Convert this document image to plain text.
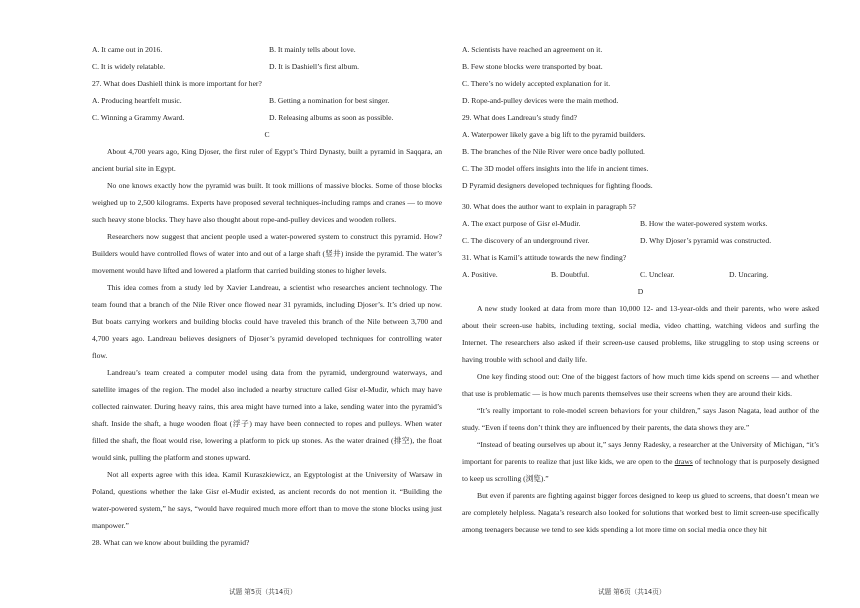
A. It came out in 2016.	B. It mainly tells about love.
C. It is widely relatable.	D. It is Dashiell’s first album.

27. What does Dashiell think is more important for her?

A. Producing heartfelt music.	B. Getting a nomination for best singer.
C. Winning a Grammy Award.	D. Releasing albums as soon as possible.

C

About 4,700 years ago, King Djoser, the first ruler of Egypt’s Third Dynasty, built a pyramid in Saqqara, an ancient burial site in Egypt.

No one knows exactly how the pyramid was built. It took millions of massive blocks. Some of those blocks weighed up to 2,500 kilograms. Experts have proposed several techniques-including ramps and cranes — to move such heavy stone blocks. They have also thought about rope-and-pulley devices and wooden rollers.

Researchers now suggest that ancient people used a water-powered system to construct this pyramid. How? Builders would have controlled flows of water into and out of a large shaft (竖井) inside the pyramid. The water’s movement would have lifted and lowered a platform that carried building stones to higher levels.

This idea comes from a study led by Xavier Landreau, a scientist who researches ancient technology. The team found that a branch of the Nile River once flowed near 31 pyramids, including Djoser’s. It’s dried up now. But boats carrying workers and building blocks could have traveled this branch of the Nile between 3,700 and 4,700 years ago. Landreau believes designers of Djoser’s pyramid developed techniques for controlling water flow.

Landreau’s team created a computer model using data from the pyramid, underground waterways, and satellite images of the region. The model also included a nearby structure called Gisr el-Mudir, which may have collected rainwater. During heavy rains, this area might have turned into a lake, sending water into the pyramid’s shaft. Inside the shaft, a huge wooden float (浮子) may have been connected to ropes and pulleys. When water filled the shaft, the float would rise, lowering a platform to pick up stones. As the water drained (排空), the float would sink, pulling the platform and stones upward.

Not all experts agree with this idea. Kamil Kuraszkiewicz, an Egyptologist at the University of Warsaw in Poland, questions whether the lake Gisr el-Mudir existed, as ancient records do not mention it. “Building the water-powered system,” he says, “would have required much more effort than to move the stone blocks using just manpower.”

28. What can we know about building the pyramid?

A. Scientists have reached an agreement on it.

B. Few stone blocks were transported by boat.

C. There’s no widely accepted explanation for it.

D. Rope-and-pulley devices were the main method.

29. What does Landreau’s study find?

A. Waterpower likely gave a big lift to the pyramid builders.

B. The branches of the Nile River were once badly polluted.

C. The 3D model offers insights into the life in ancient times.

D Pyramid designers developed techniques for fighting floods.

30. What does the author want to explain in paragraph 5?

A. The exact purpose of Gisr el-Mudir.	B. How the water-powered system works.
C. The discovery of an underground river.	D. Why Djoser’s pyramid was constructed.

31. What is Kamil’s attitude towards the new finding?

A. Positive.	B. Doubtful.	C. Unclear.	D. Uncaring.

D

A new study looked at data from more than 10,000 12- and 13-year-olds and their parents, who were asked about their screen-use habits, including texting, social media, video chatting, watching videos and surfing the Internet. The researchers also asked if their screen-use caused problems, like struggling to stop using screens or having trouble with school and daily life.

One key finding stood out: One of the biggest factors of how much time kids spend on screens — and whether that use is problematic — is how much parents themselves use their screens when they are around their kids.

“It’s really important to role-model screen behaviors for your children,” says Jason Nagata, lead author of the study. “Even if teens don’t think they are influenced by their parents, the data shows they are.”

“Instead of beating ourselves up about it,” says Jenny Radesky, a researcher at the University of Michigan, “it’s important for parents to realize that just like kids, we are open to the draws of technology that is purposely designed to keep us scrolling (浏览).”

But even if parents are fighting against bigger forces designed to keep us glued to screens, that doesn’t mean we are completely helpless. Nagata’s research also looked for solutions that worked best to limit screen-use specifically among teenagers because we tend to see kids spending a lot more time on social media once they hit

试题 第5页（共14页）	试题 第6页（共14页）
